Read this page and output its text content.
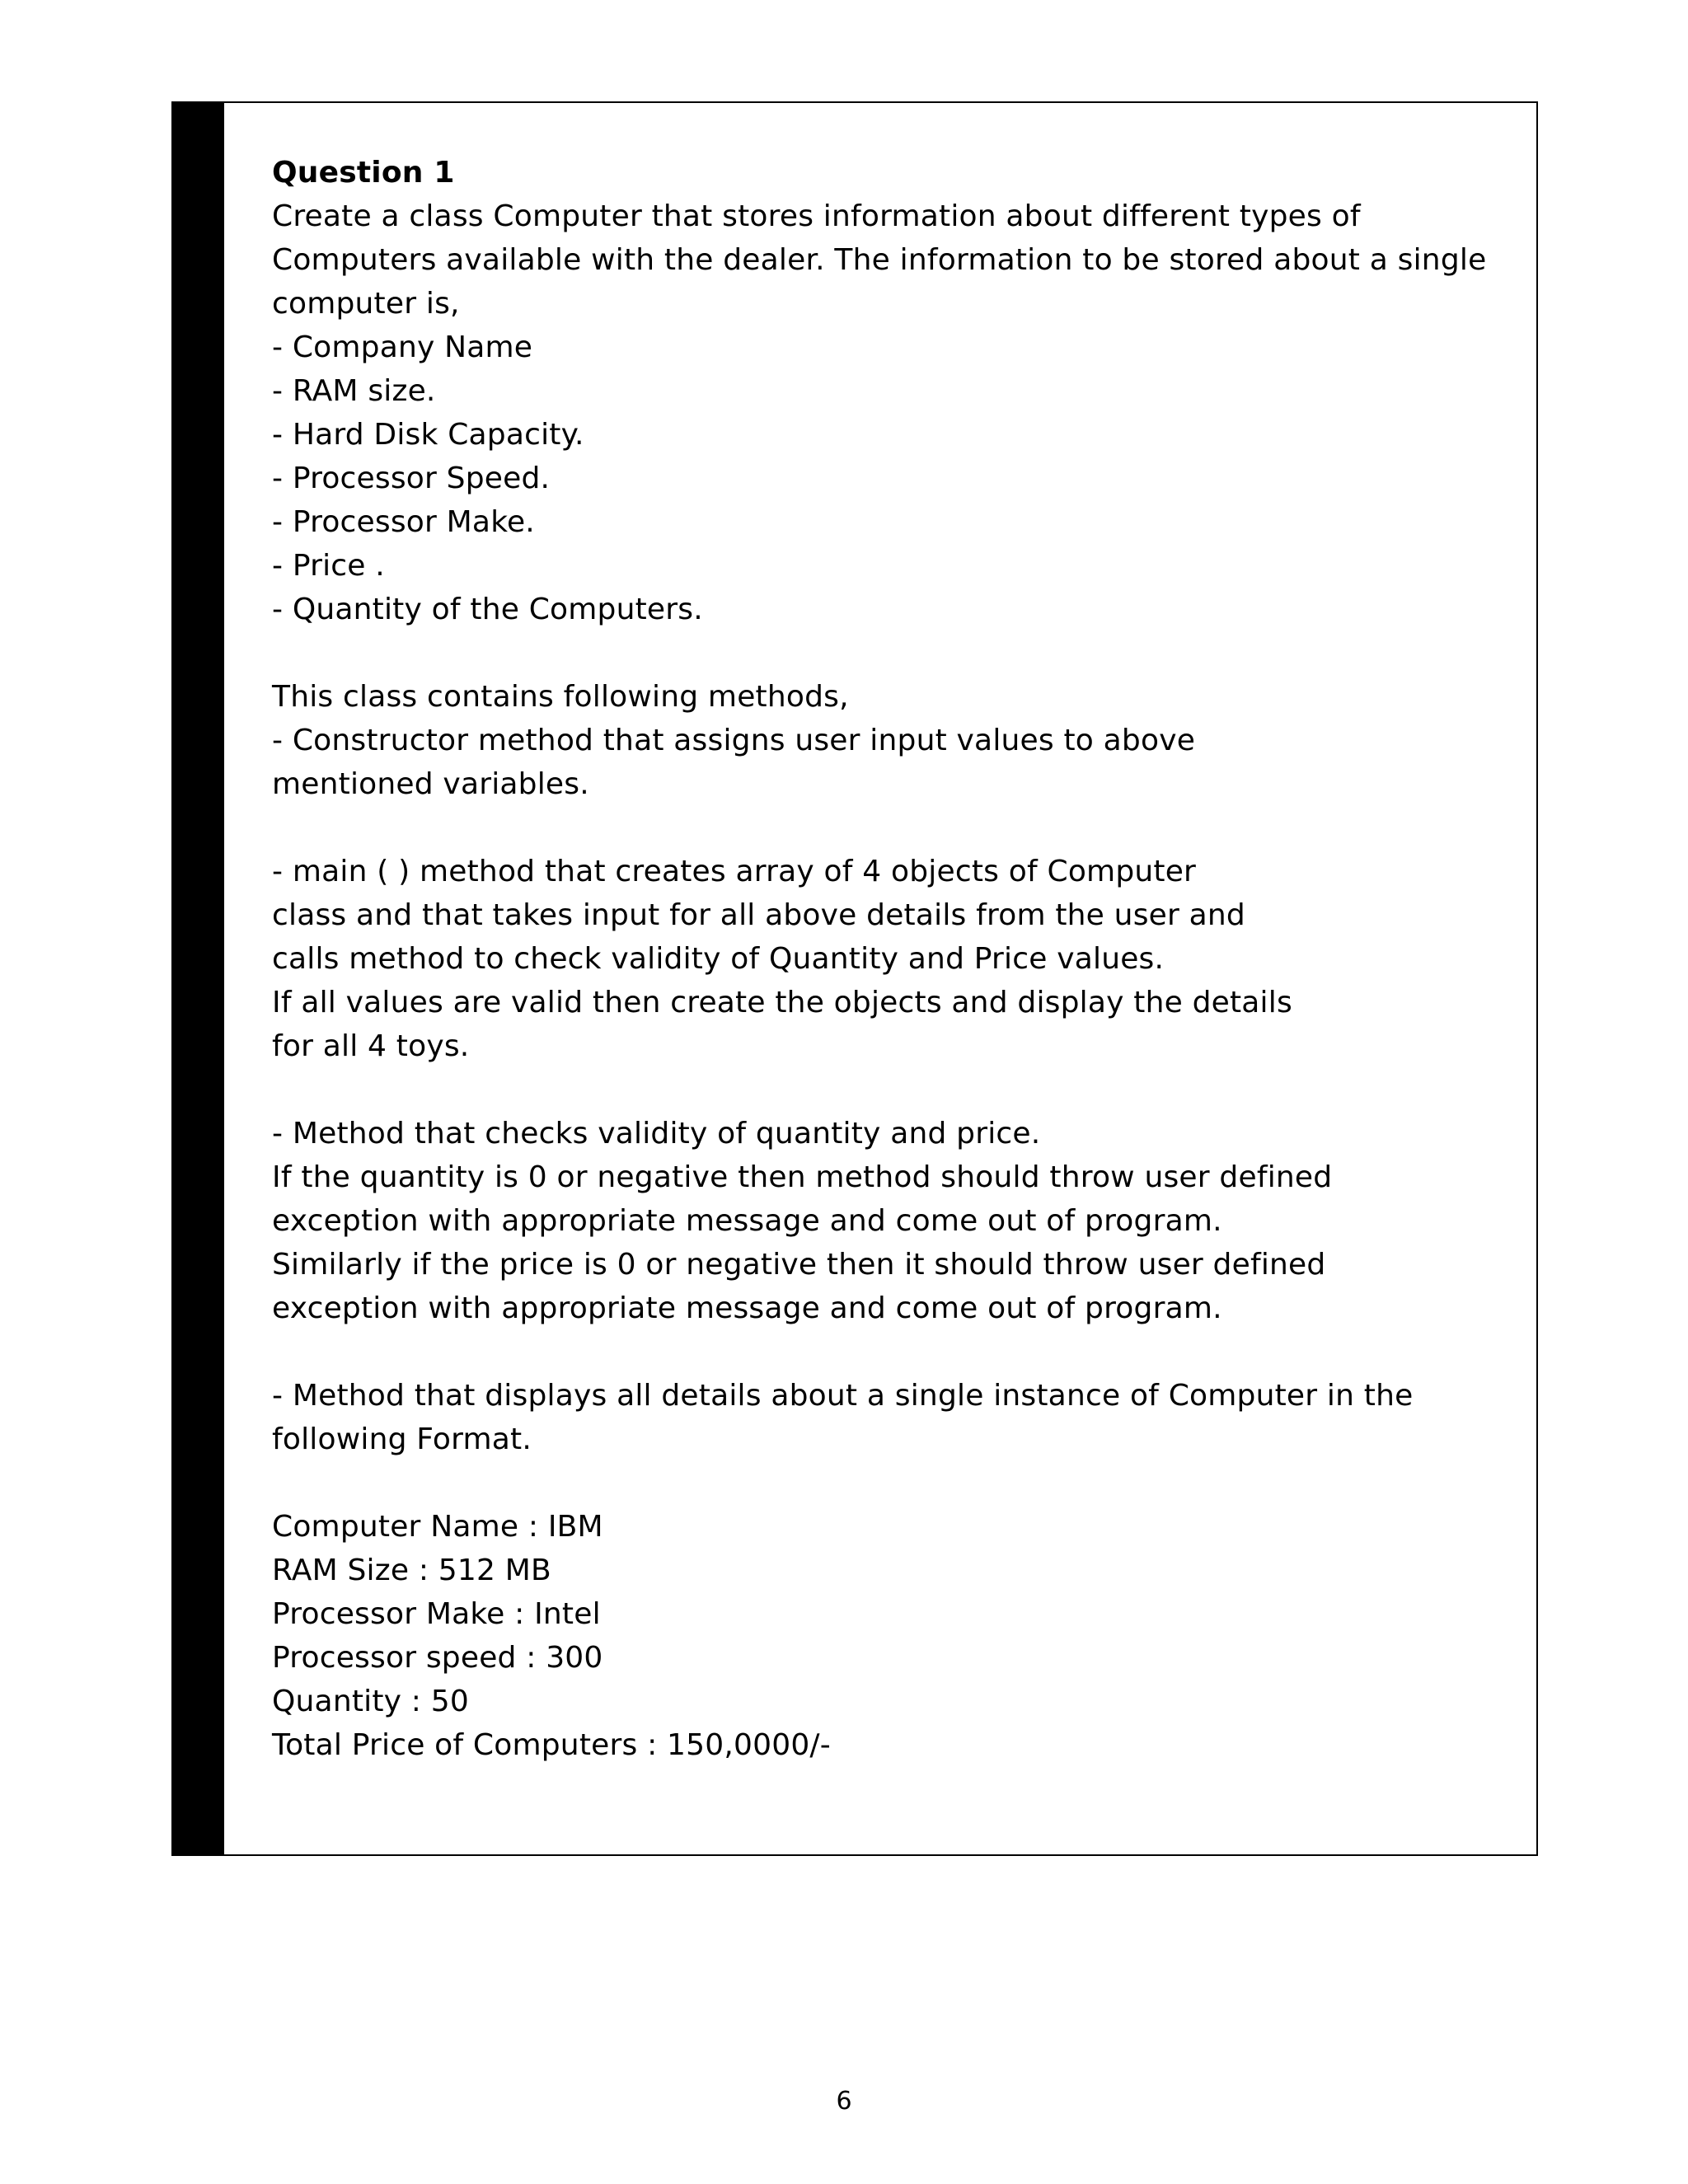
Question 1
Create a class Computer that stores information about different types of
Computers available with the dealer. The information to be stored about a single
computer is,
- Company Name
- RAM size.
- Hard Disk Capacity.
- Processor Speed.
- Processor Make.
- Price .
- Quantity of the Computers.
This class contains following methods,
- Constructor method that assigns user input values to above
mentioned variables.
- main ( ) method that creates array of 4 objects of Computer
class and that takes input for all above details from the user and
calls method to check validity of Quantity and Price values.
If all values are valid then create the objects and display the details
for all 4 toys.
- Method that checks validity of quantity and price.
If the quantity is 0 or negative then method should throw user defined
exception with appropriate message and come out of program.
Similarly if the price is 0 or negative then it should throw user defined
exception with appropriate message and come out of program.
- Method that displays all details about a single instance of Computer in the
following Format.
Computer Name : IBM
RAM Size : 512 MB
Processor Make : Intel
Processor speed : 300
Quantity : 50
Total Price of Computers : 150,0000/-
6
